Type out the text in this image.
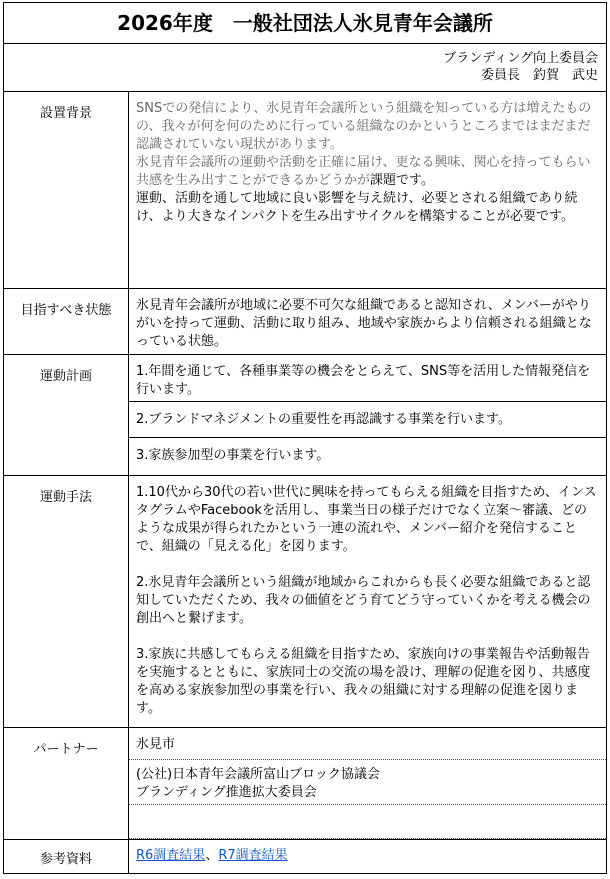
2026年度　一般社団法人氷見青年会議所
ブランディング向上委員会
委員長　釣賀　武史
設置背景	SNSでの発信により、氷見青年会議所という組織を知っている方は増えたものの、我々が何を何のために行っている組織なのかというところまではまだまだ認識されていない現状があります。
氷見青年会議所の運動や活動を正確に届け、更なる興味、関心を持ってもらい共感を生み出すことができるかどうかが課題です。
運動、活動を通して地域に良い影響を与え続け、必要とされる組織であり続け、より大きなインパクトを生み出すサイクルを構築することが必要です。
目指すべき状態	氷見青年会議所が地域に必要不可欠な組織であると認知され、メンバーがやりがいを持って運動、活動に取り組み、地域や家族からより信頼される組織となっている状態。
運動計画	1.年間を通じて、各種事業等の機会をとらえて、SNS等を活用した情報発信を行います。
2.ブランドマネジメントの重要性を再認識する事業を行います。
3.家族参加型の事業を行います。
運動手法	1.10代から30代の若い世代に興味を持ってもらえる組織を目指すため、インスタグラムやFacebookを活用し、事業当日の様子だけでなく立案～審議、どのような成果が得られたかという一連の流れや、メンバー紹介を発信することで、組織の「見える化」を図ります。
2.氷見青年会議所という組織が地域からこれからも長く必要な組織であると認知していただくため、我々の価値をどう育てどう守っていくかを考える機会の創出へと繋げます。
3.家族に共感してもらえる組織を目指すため、家族向けの事業報告や活動報告を実施するとともに、家族同士の交流の場を設け、理解の促進を図り、共感度を高める家族参加型の事業を行い、我々の組織に対する理解の促進を図ります。
パートナー	氷見市
(公社)日本青年会議所富山ブロック協議会
ブランディング推進拡大委員会
参考資料	R6調査結果、R7調査結果
